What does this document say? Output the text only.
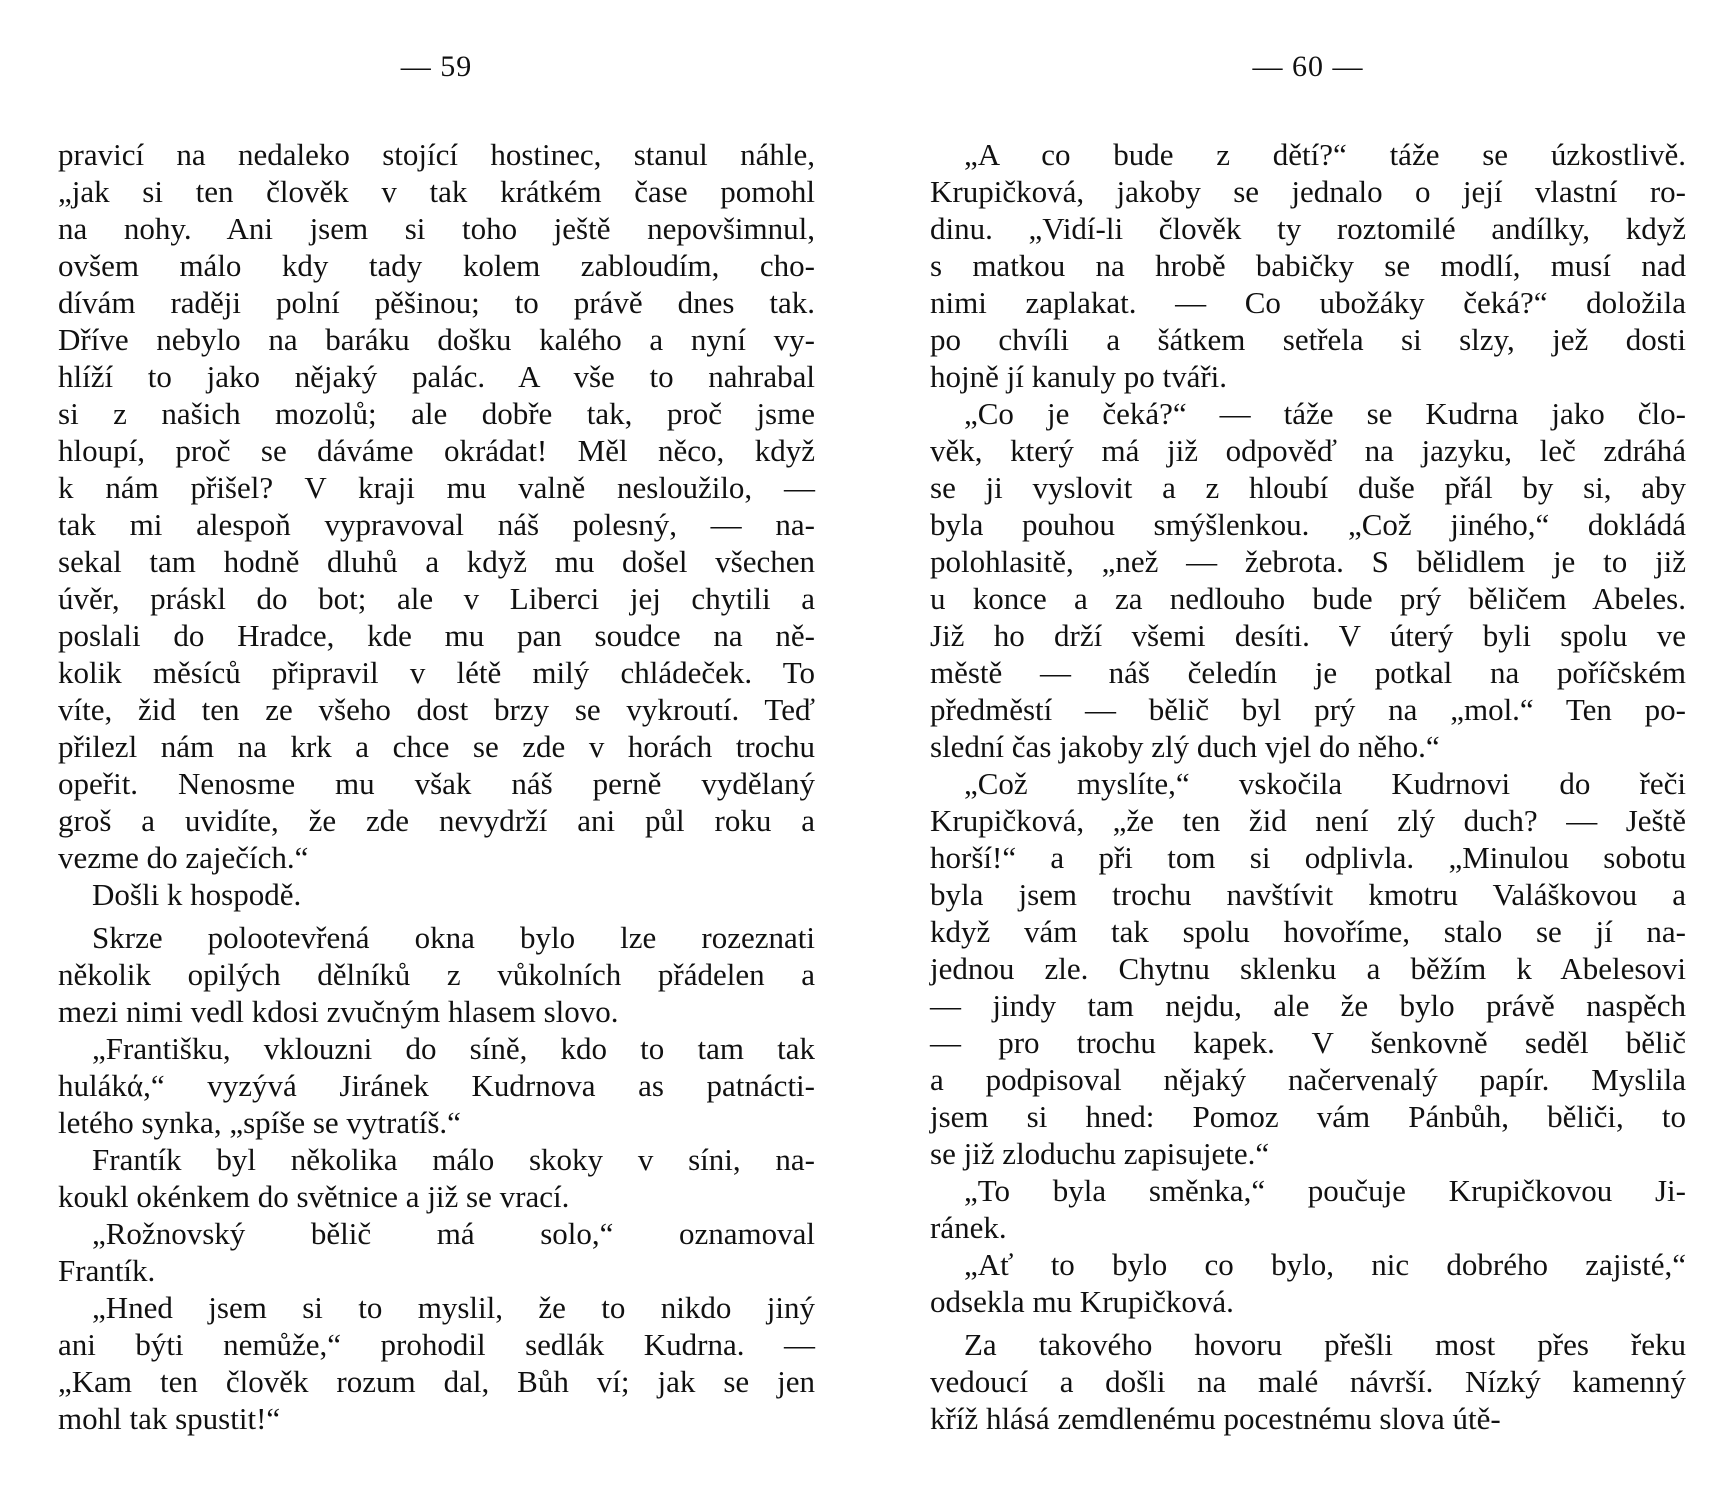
— 59
pravicí na nedaleko stojící hostinec, stanul náhle,
„jak si ten člověk v tak krátkém čase pomohl
na nohy. Ani jsem si toho ještě nepovšimnul,
ovšem málo kdy tady kolem zabloudím, cho-
dívám raději polní pěšinou; to právě dnes tak.
Dříve nebylo na baráku došku kalého a nyní vy-
hlíží to jako nějaký palác. A vše to nahrabal
si z našich mozolů; ale dobře tak, proč jsme
hloupí, proč se dáváme okrádat! Měl něco, když
k nám přišel? V kraji mu valně nesloužilo, —
tak mi alespoň vypravoval náš polesný, — na-
sekal tam hodně dluhů a když mu došel všechen
úvěr, práskl do bot; ale v Liberci jej chytili a
poslali do Hradce, kde mu pan soudce na ně-
kolik měsíců připravil v létě milý chládeček. To
víte, žid ten ze všeho dost brzy se vykroutí. Teď
přilezl nám na krk a chce se zde v horách trochu
opeřit. Nenosme mu však náš perně vydělaný
groš a uvidíte, že zde nevydrží ani půl roku a
vezme do zaječích.“
Došli k hospodě.
Skrze polootevřená okna bylo lze rozeznati
několik opilých dělníků z vůkolních přádelen a
mezi nimi vedl kdosi zvučným hlasem slovo.
„Františku, vklouzni do síně, kdo to tam tak
hulákά,“ vyzývá Jiránek Kudrnova as patnácti-
letého synka, „spíše se vytratíš.“
Frantík byl několika málo skoky v síni, na-
koukl okénkem do světnice a již se vrací.
„Rožnovský bělič má solo,“ oznamoval
Frantík.
„Hned jsem si to myslil, že to nikdo jiný
ani býti nemůže,“ prohodil sedlák Kudrna. —
„Kam ten člověk rozum dal, Bůh ví; jak se jen
mohl tak spustit!“
— 60 —
„A co bude z dětí?“ táže se úzkostlivě.
Krupičková, jakoby se jednalo o její vlastní ro-
dinu. „Vidí-li člověk ty roztomilé andílky, když
s matkou na hrobě babičky se modlí, musí nad
nimi zaplakat. — Co ubožáky čeká?“ doložila
po chvíli a šátkem setřela si slzy, jež dosti
hojně jí kanuly po tváři.
„Co je čeká?“ — táže se Kudrna jako člo-
věk, který má již odpověď na jazyku, leč zdráhá
se ji vyslovit a z hloubí duše přál by si, aby
byla pouhou smýšlenkou. „Což jiného,“ dokládá
polohlasitě, „než — žebrota. S bělidlem je to již
u konce a za nedlouho bude prý běličem Abeles.
Již ho drží všemi desíti. V úterý byli spolu ve
městě — náš čeledín je potkal na poříčském
předměstí — bělič byl prý na „mol.“ Ten po-
slední čas jakoby zlý duch vjel do něho.“
„Což myslíte,“ vskočila Kudrnovi do řeči
Krupičková, „že ten žid není zlý duch? — Ještě
horší!“ a při tom si odplivla. „Minulou sobotu
byla jsem trochu navštívit kmotru Valáškovou a
když vám tak spolu hovoříme, stalo se jí na-
jednou zle. Chytnu sklenku a běžím k Abelesovi
— jindy tam nejdu, ale že bylo právě naspěch
— pro trochu kapek. V šenkovně seděl bělič
a podpisoval nějaký načervenalý papír. Myslila
jsem si hned: Pomoz vám Pánbůh, běliči, to
se již zloduchu zapisujete.“
„To byla směnka,“ poučuje Krupičkovou Ji-
ránek.
„Ať to bylo co bylo, nic dobrého zajisté,“
odsekla mu Krupičková.
Za takového hovoru přešli most přes řeku
vedoucí a došli na malé návrší. Nízký kamenný
kříž hlásá zemdlenému pocestnému slova útě-
